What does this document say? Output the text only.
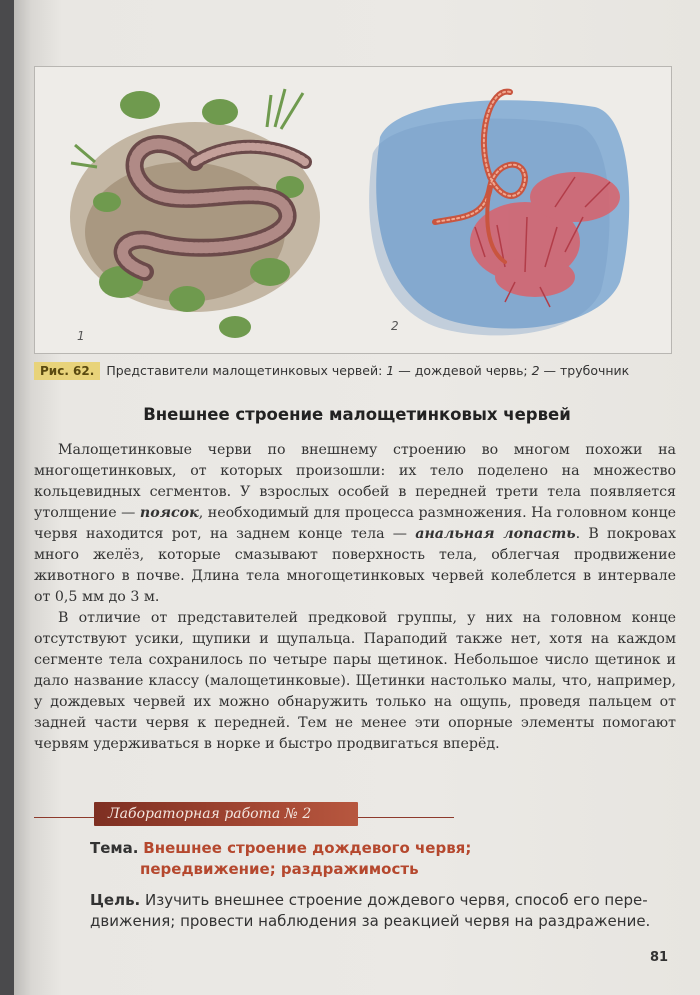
1
2
Рис. 62. Представители малощетинковых червей: 1 — дождевой червь; 2 — трубочник
Внешнее строение малощетинковых червей

Малощетинковые черви по внешнему строению во многом похожи на многощетинковых, от которых произошли: их тело поделено на множество кольцевидных сегментов. У взрослых особей в передней трети тела появляется утолщение — поясок, необходимый для процесса размножения. На головном конце червя находится рот, на заднем конце тела — анальная лопасть. В покровах много желёз, которые смазывают поверхность тела, облегчая продвижение животного в почве. Длина тела многощетинковых червей колеблется в интервале от 0,5 мм до 3 м.

В отличие от представителей предковой группы, у них на головном конце отсутствуют усики, щупики и щупальца. Параподий также нет, хотя на каждом сегменте тела сохранилось по четыре пары щетинок. Небольшое число щетинок и дало название классу (малощетинковые). Щетинки настолько малы, что, например, у дождевых червей их можно обнаружить только на ощупь, проведя пальцем от задней части червя к передней. Тем не менее эти опорные элементы помогают червям удерживаться в норке и быстро продвигаться вперёд.

Лабораторная работа № 2
Тема. Внешнее строение дождевого червя;
передвижение; раздражимость
Цель. Изучить внешнее строение дождевого червя, способ его пере-
движения; провести наблюдения за реакцией червя на раздражение.
81
